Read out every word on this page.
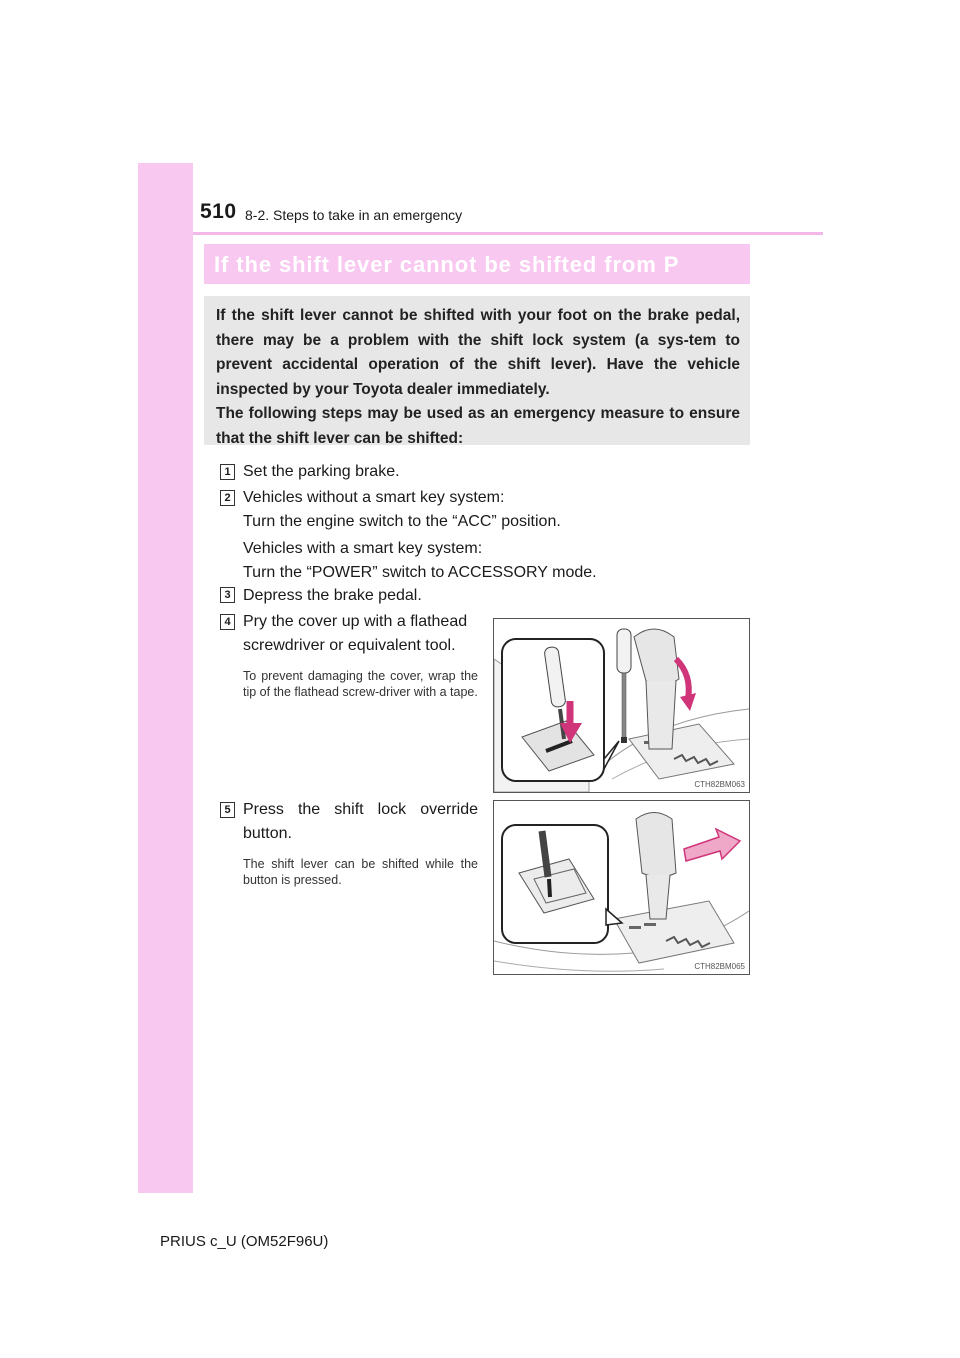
510 8-2. Steps to take in an emergency
If the shift lever cannot be shifted from P

If the shift lever cannot be shifted with your foot on the brake pedal, there may be a problem with the shift lock system (a sys-tem to prevent accidental operation of the shift lever). Have the vehicle inspected by your Toyota dealer immediately.

The following steps may be used as an emergency measure to ensure that the shift lever can be shifted:

1 Set the parking brake.
2 Vehicles without a smart key system:
Turn the engine switch to the “ACC” position.
Vehicles with a smart key system:
Turn the “POWER” switch to ACCESSORY mode.
3 Depress the brake pedal.
4 Pry the cover up with a flathead

screwdriver or equivalent tool.

To prevent damaging the cover, wrap the tip of the flathead screw-driver with a tape.

CTH82BM063
5 Press the shift lock override

button.

The shift lever can be shifted while the button is pressed.

CTH82BM065
PRIUS c_U (OM52F96U)
